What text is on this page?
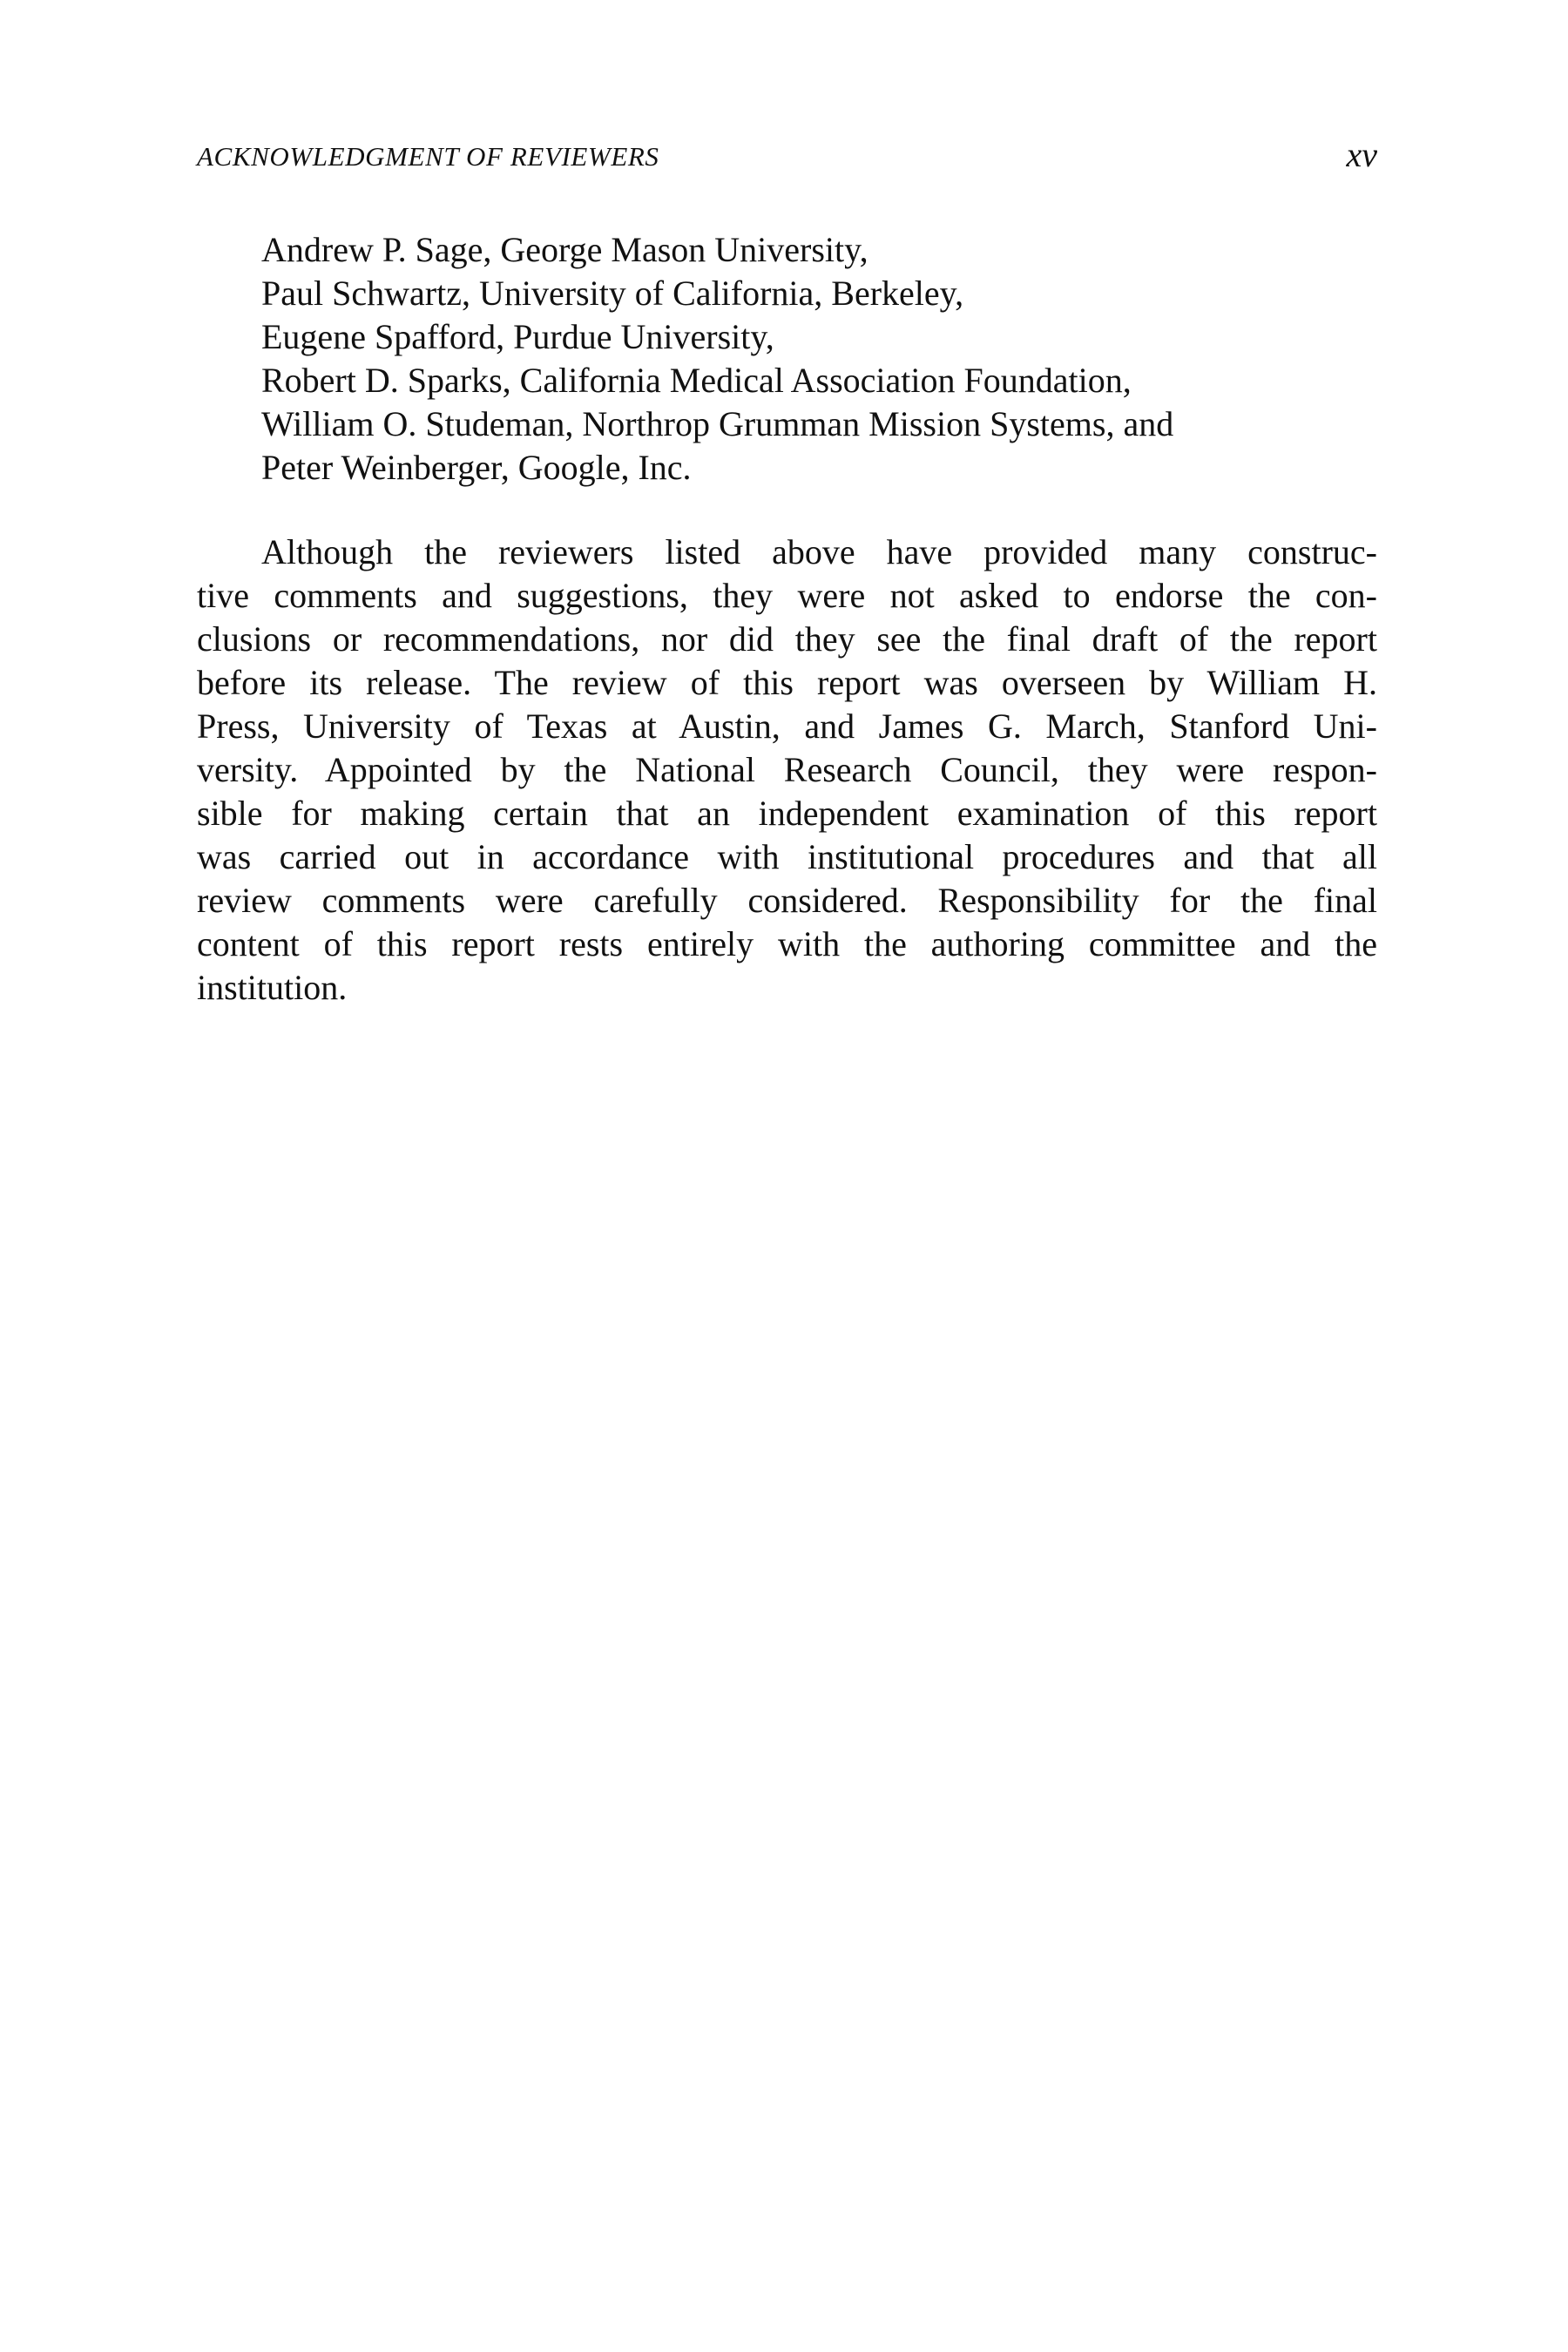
ACKNOWLEDGMENT OF REVIEWERS	xv
Andrew P. Sage, George Mason University,
Paul Schwartz, University of California, Berkeley,
Eugene Spafford, Purdue University,
Robert D. Sparks, California Medical Association Foundation,
William O. Studeman, Northrop Grumman Mission Systems, and
Peter Weinberger, Google, Inc.

Although the reviewers listed above have provided many construc-
tive comments and suggestions, they were not asked to endorse the con-
clusions or recommendations, nor did they see the final draft of the report
before its release. The review of this report was overseen by William H.
Press, University of Texas at Austin, and James G. March, Stanford Uni-
versity. Appointed by the National Research Council, they were respon-
sible for making certain that an independent examination of this report
was carried out in accordance with institutional procedures and that all
review comments were carefully considered. Responsibility for the final
content of this report rests entirely with the authoring committee and the
institution.
